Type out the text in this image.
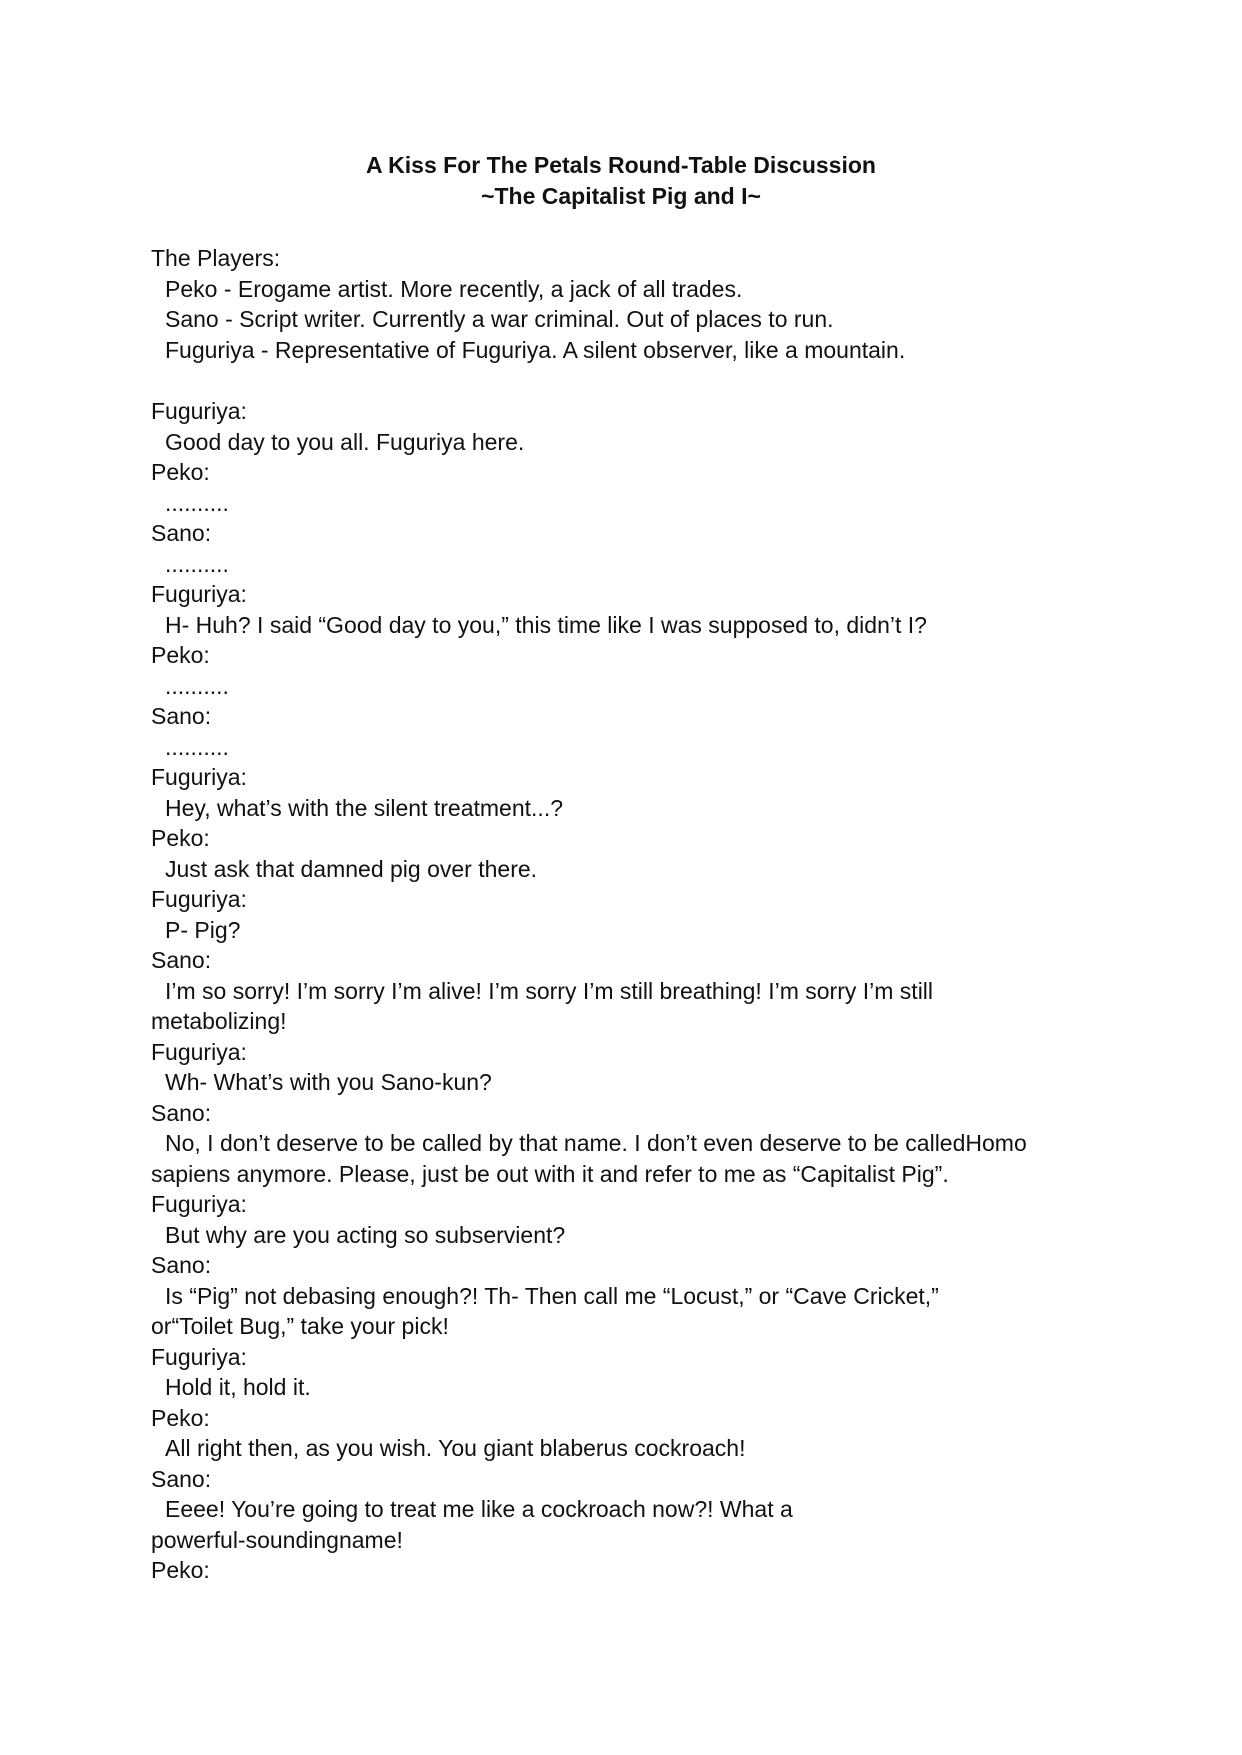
A Kiss For The Petals Round-Table Discussion
~The Capitalist Pig and I~
The Players:
Peko - Erogame artist. More recently, a jack of all trades.
Sano - Script writer. Currently a war criminal. Out of places to run.
Fuguriya - Representative of Fuguriya. A silent observer, like a mountain.
Fuguriya:
Good day to you all. Fuguriya here.
Peko:
..........
Sano:
..........
Fuguriya:
H- Huh? I said “Good day to you,” this time like I was supposed to, didn’t I?
Peko:
..........
Sano:
..........
Fuguriya:
Hey, what’s with the silent treatment...?
Peko:
Just ask that damned pig over there.
Fuguriya:
P- Pig?
Sano:
I’m so sorry! I’m sorry I’m alive! I’m sorry I’m still breathing! I’m sorry I’m still
metabolizing!
Fuguriya:
Wh- What’s with you Sano-kun?
Sano:
No, I don’t deserve to be called by that name. I don’t even deserve to be calledHomo
sapiens anymore. Please, just be out with it and refer to me as “Capitalist Pig”.
Fuguriya:
But why are you acting so subservient?
Sano:
Is “Pig” not debasing enough?! Th- Then call me “Locust,” or “Cave Cricket,”
or“Toilet Bug,” take your pick!
Fuguriya:
Hold it, hold it.
Peko:
All right then, as you wish. You giant blaberus cockroach!
Sano:
Eeee! You’re going to treat me like a cockroach now?! What a
powerful-soundingname!
Peko:
